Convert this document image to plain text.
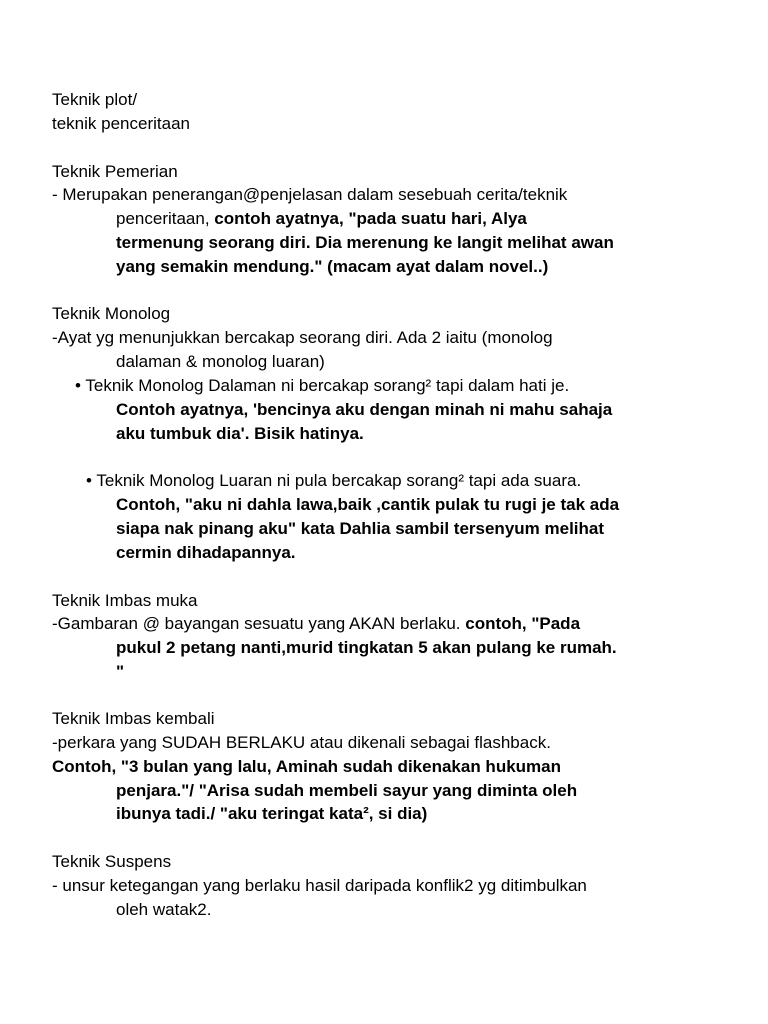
Teknik plot/
teknik penceritaan
Teknik Pemerian
- Merupakan penerangan@penjelasan dalam sesebuah cerita/teknik
penceritaan, contoh ayatnya, "pada suatu hari, Alya
termenung seorang diri. Dia merenung ke langit melihat awan
yang semakin mendung." (macam ayat dalam novel..)
Teknik Monolog
-Ayat yg menunjukkan bercakap seorang diri. Ada 2 iaitu (monolog
dalaman & monolog luaran)
• Teknik Monolog Dalaman ni bercakap sorang² tapi dalam hati je.
Contoh ayatnya, 'bencinya aku dengan minah ni mahu sahaja
aku tumbuk dia'. Bisik hatinya.
• Teknik Monolog Luaran ni pula bercakap sorang² tapi ada suara.
Contoh, "aku ni dahla lawa,baik ,cantik pulak tu rugi je tak ada
siapa nak pinang aku" kata Dahlia sambil tersenyum melihat
cermin dihadapannya.
Teknik Imbas muka
-Gambaran @ bayangan sesuatu yang AKAN berlaku. contoh, "Pada
pukul 2 petang nanti,murid tingkatan 5 akan pulang ke rumah.
"
Teknik Imbas kembali
-perkara yang SUDAH BERLAKU atau dikenali sebagai flashback.
Contoh, "3 bulan yang lalu, Aminah sudah dikenakan hukuman
penjara."/ "Arisa sudah membeli sayur yang diminta oleh
ibunya tadi./ "aku teringat kata², si dia)
Teknik Suspens
- unsur ketegangan yang berlaku hasil daripada konflik2 yg ditimbulkan
oleh watak2.
